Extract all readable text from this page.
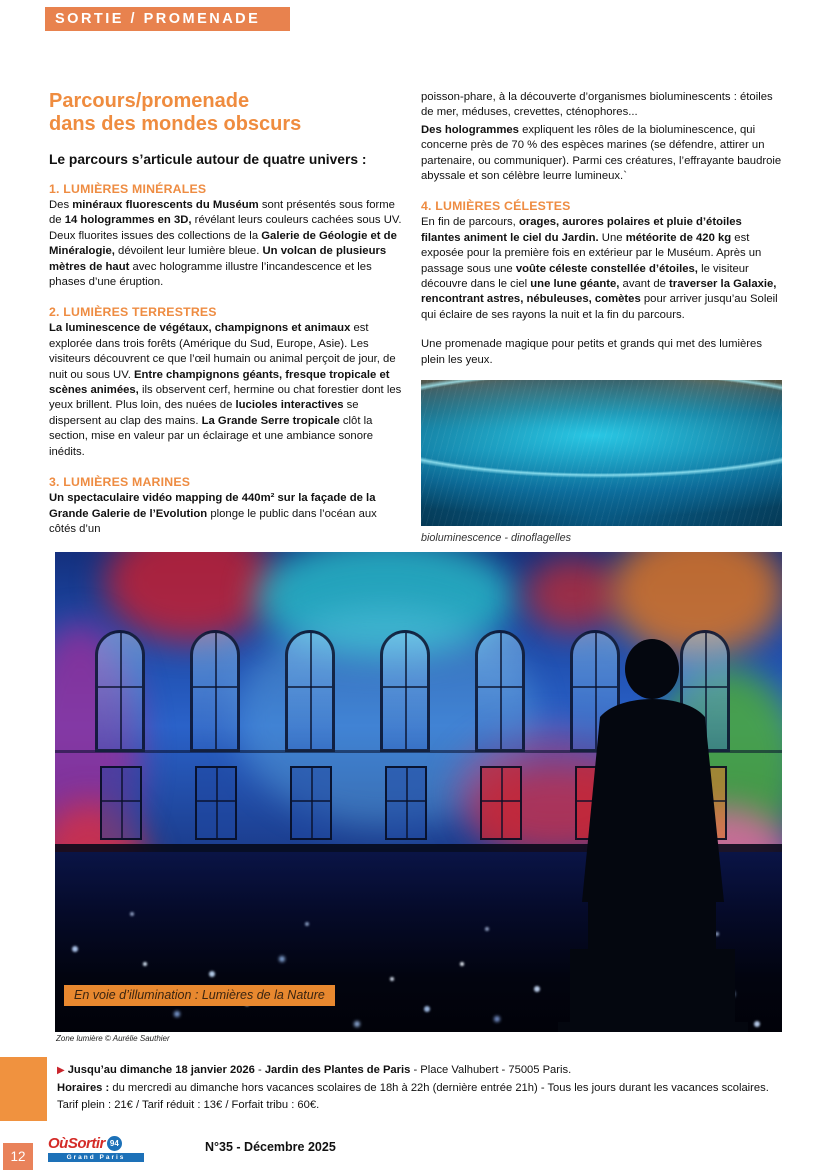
SORTIE / PROMENADE
Parcours/promenade
dans des mondes obscurs

Le parcours s’articule autour de quatre univers :

1. LUMIÈRES MINÉRALES

Des minéraux fluorescents du Muséum sont présentés sous forme de 14 hologrammes en 3D, révélant leurs couleurs cachées sous UV. Deux fluorites issues des collections de la Galerie de Géologie et de Minéralogie, dévoilent leur lumière bleue. Un volcan de plusieurs mètres de haut avec hologramme illustre l’incandescence et les phases d’une éruption.

2. LUMIÈRES TERRESTRES

La luminescence de végétaux, champignons et animaux est explorée dans trois forêts (Amérique du Sud, Europe, Asie). Les visiteurs découvrent ce que l’œil humain ou animal perçoit de jour, de nuit ou sous UV. Entre champignons géants, fresque tropicale et scènes animées, ils observent cerf, hermine ou chat forestier dont les yeux brillent. Plus loin, des nuées de lucioles interactives se dispersent au clap des mains. La Grande Serre tropicale clôt la section, mise en valeur par un éclairage et une ambiance sonore inédits.

3. LUMIÈRES MARINES

Un spectaculaire vidéo mapping de 440m² sur la façade de la Grande Galerie de l’Evolution plonge le public dans l’océan aux côtés d’un

poisson-phare, à la découverte d’organismes bioluminescents : étoiles de mer, méduses, crevettes, cténophores...

Des hologrammes expliquent les rôles de la bioluminescence, qui concerne près de 70 % des espèces marines (se défendre, attirer un partenaire, ou communiquer). Parmi ces créatures, l’effrayante baudroie abyssale et son célèbre leurre lumineux.`

4. LUMIÈRES CÉLESTES

En fin de parcours, orages, aurores polaires et pluie d’étoiles filantes animent le ciel du Jardin. Une météorite de 420 kg est exposée pour la première fois en extérieur par le Muséum. Après un passage sous une voûte céleste constellée d’étoiles, le visiteur découvre dans le ciel une lune géante, avant de traverser la Galaxie, rencontrant astres, nébuleuses, comètes pour arriver jusqu’au Soleil qui éclaire de ses rayons la nuit et la fin du parcours.

Une promenade magique pour petits et grands qui met des lumières plein les yeux.

bioluminescence - dinoflagelles

En voie d’illumination : Lumières de la Nature

Zone lumière © Aurélie Sauthier

▶ Jusqu’au dimanche 18 janvier 2026 - Jardin des Plantes de Paris - Place Valhubert - 75005 Paris.

Horaires : du mercredi au dimanche hors vacances scolaires de 18h à 22h (dernière entrée 21h) - Tous les jours durant les vacances scolaires.

Tarif plein : 21€ / Tarif réduit : 13€ / Forfait tribu : 60€.

12
OùSortir 94
Grand Paris
N°35 - Décembre 2025
